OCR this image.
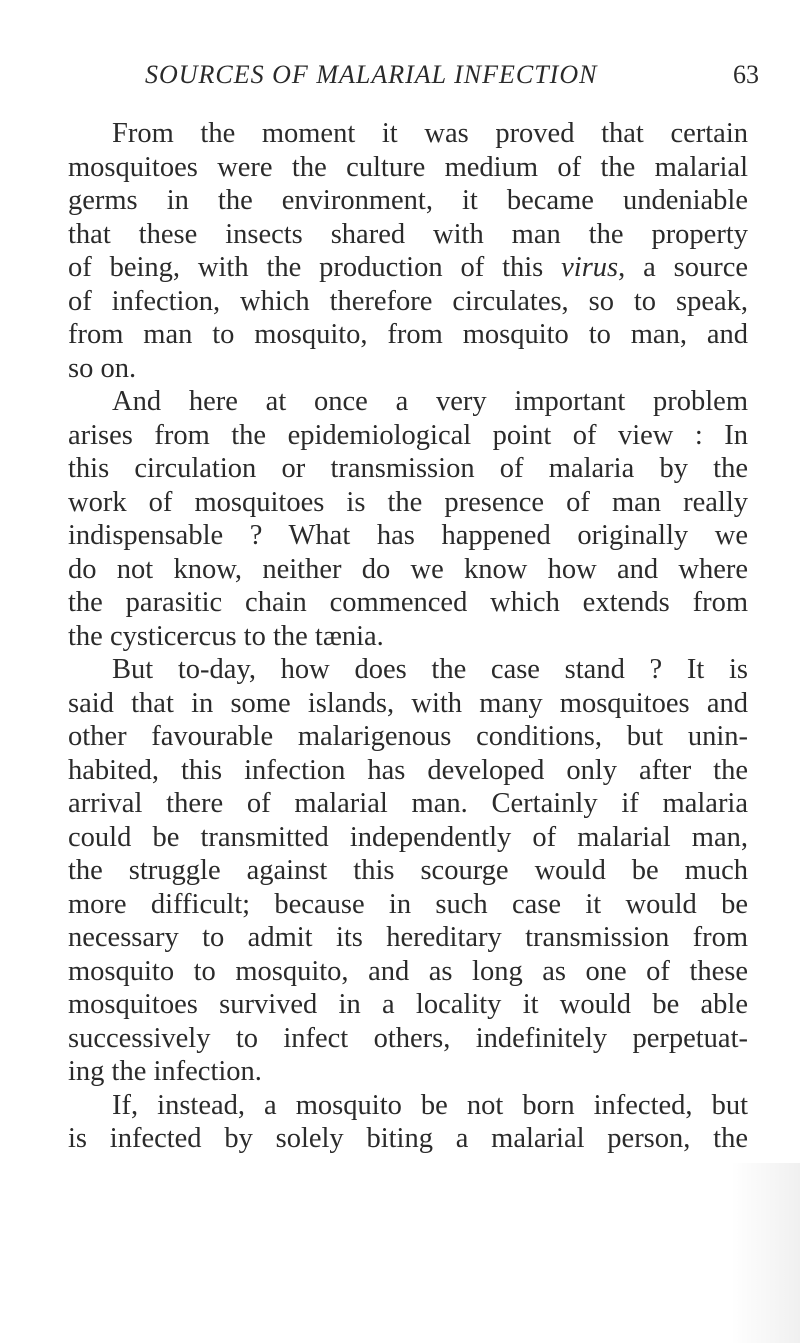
SOURCES OF MALARIAL INFECTION	63
From the moment it was proved that certain
mosquitoes were the culture medium of the malarial
germs in the environment, it became undeniable
that these insects shared with man the property
of being, with the production of this virus, a source
of infection, which therefore circulates, so to speak,
from man to mosquito, from mosquito to man, and
so on.
And here at once a very important problem
arises from the epidemiological point of view : In
this circulation or transmission of malaria by the
work of mosquitoes is the presence of man really
indispensable ? What has happened originally we
do not know, neither do we know how and where
the parasitic chain commenced which extends from
the cysticercus to the tænia.
But to-day, how does the case stand ? It is
said that in some islands, with many mosquitoes and
other favourable malarigenous conditions, but unin-
habited, this infection has developed only after the
arrival there of malarial man. Certainly if malaria
could be transmitted independently of malarial man,
the struggle against this scourge would be much
more difficult; because in such case it would be
necessary to admit its hereditary transmission from
mosquito to mosquito, and as long as one of these
mosquitoes survived in a locality it would be able
successively to infect others, indefinitely perpetuat-
ing the infection.
If, instead, a mosquito be not born infected, but
is infected by solely biting a malarial person, the
